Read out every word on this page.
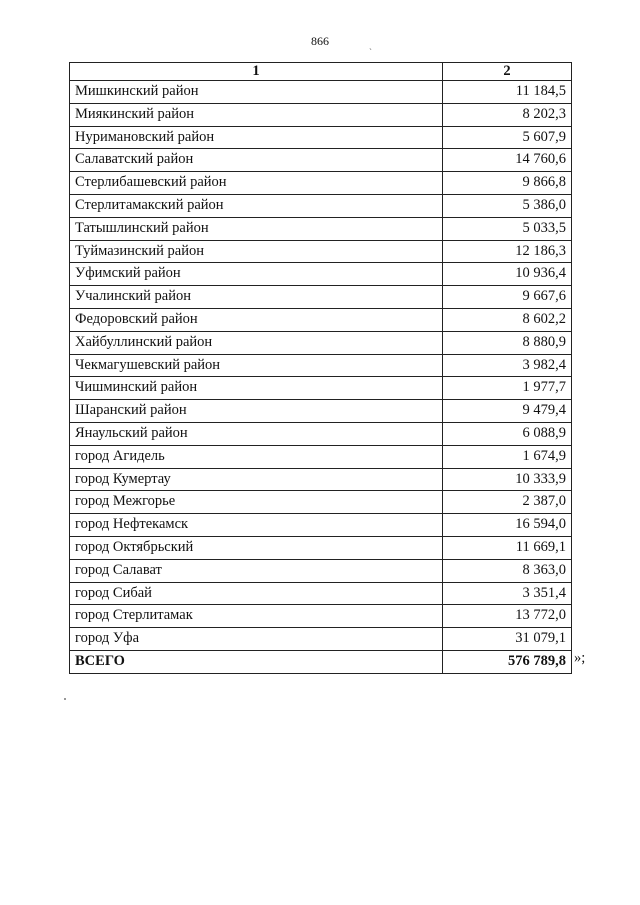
866	ˎ
1	2
Мишкинский район	11 184,5
Миякинский район	8 202,3
Нуримановский район	5 607,9
Салаватский район	14 760,6
Стерлибашевский район	9 866,8
Стерлитамакский район	5 386,0
Татышлинский район	5 033,5
Туймазинский район	12 186,3
Уфимский район	10 936,4
Учалинский район	9 667,6
Федоровский район	8 602,2
Хайбуллинский район	8 880,9
Чекмагушевский район	3 982,4
Чишминский район	1 977,7
Шаранский район	9 479,4
Янаульский район	6 088,9
город Агидель	1 674,9
город Кумертау	10 333,9
город Межгорье	2 387,0
город Нефтекамск	16 594,0
город Октябрьский	11 669,1
город Салават	8 363,0
город Сибай	3 351,4
город Стерлитамак	13 772,0
город Уфа	31 079,1
ВСЕГО	576 789,8 »;
